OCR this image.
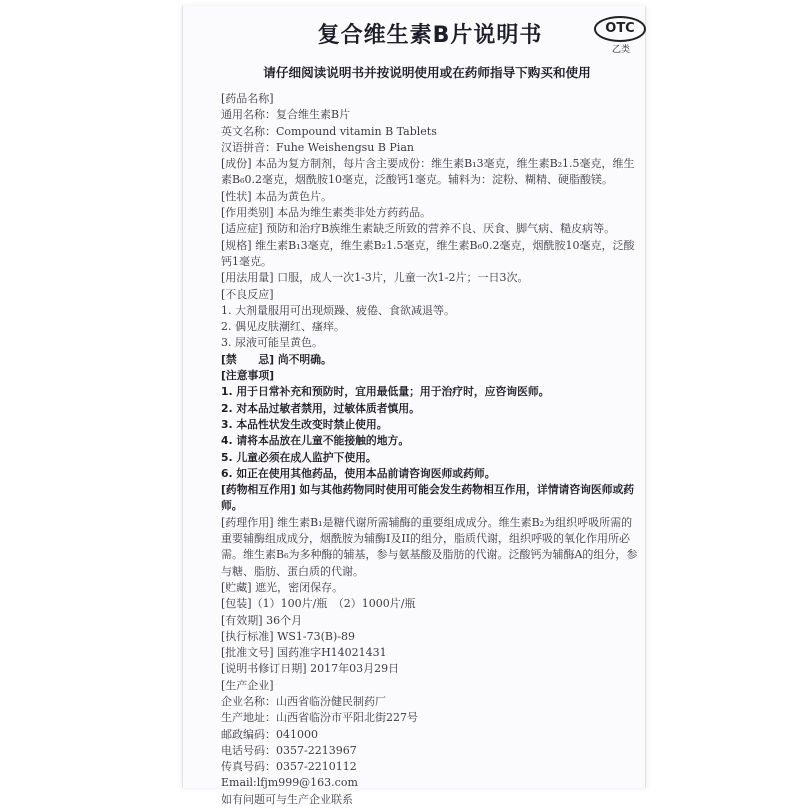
复合维生素B片说明书	OTC
乙类
请仔细阅读说明书并按说明使用或在药师指导下购买和使用
[药品名称]
通用名称：复合维生素B片
英文名称：Compound vitamin B Tablets
汉语拼音：Fuhe Weishengsu B Pian
[成份] 本品为复方制剂，每片含主要成份：维生素B₁3毫克，维生素B₂1.5毫克，维生素B₆0.2毫克，烟酰胺10毫克，泛酸钙1毫克。辅料为：淀粉、糊精、硬脂酸镁。
[性状] 本品为黄色片。
[作用类别] 本品为维生素类非处方药药品。
[适应症] 预防和治疗B族维生素缺乏所致的营养不良、厌食、脚气病、糙皮病等。
[规格] 维生素B₁3毫克，维生素B₂1.5毫克，维生素B₆0.2毫克，烟酰胺10毫克，泛酸钙1毫克。
[用法用量] 口服，成人一次1-3片，儿童一次1-2片；一日3次。
[不良反应]
1. 大剂量服用可出现烦躁、疲倦、食欲减退等。
2. 偶见皮肤潮红、瘙痒。
3. 尿液可能呈黄色。
[禁　　忌] 尚不明确。
[注意事项]
1. 用于日常补充和预防时，宜用最低量；用于治疗时，应咨询医师。
2. 对本品过敏者禁用，过敏体质者慎用。
3. 本品性状发生改变时禁止使用。
4. 请将本品放在儿童不能接触的地方。
5. 儿童必须在成人监护下使用。
6. 如正在使用其他药品，使用本品前请咨询医师或药师。
[药物相互作用] 如与其他药物同时使用可能会发生药物相互作用，详情请咨询医师或药师。
[药理作用] 维生素B₁是糖代谢所需辅酶的重要组成成分。维生素B₂为组织呼吸所需的重要辅酶组成成分，烟酰胺为辅酶I及II的组分，脂质代谢，组织呼吸的氧化作用所必需。维生素B₆为多种酶的辅基，参与氨基酸及脂肪的代谢。泛酸钙为辅酶A的组分，参与糖、脂肪、蛋白质的代谢。
[贮藏] 遮光，密闭保存。
[包装]（1）100片/瓶　（2）1000片/瓶
[有效期] 36个月
[执行标准] WS1-73(B)-89
[批准文号] 国药准字H14021431
[说明书修订日期] 2017年03月29日
[生产企业]
企业名称：山西省临汾健民制药厂
生产地址：山西省临汾市平阳北街227号
邮政编码：041000
电话号码：0357-2213967
传真号码：0357-2210112
Email:lfjm999@163.com
如有问题可与生产企业联系
